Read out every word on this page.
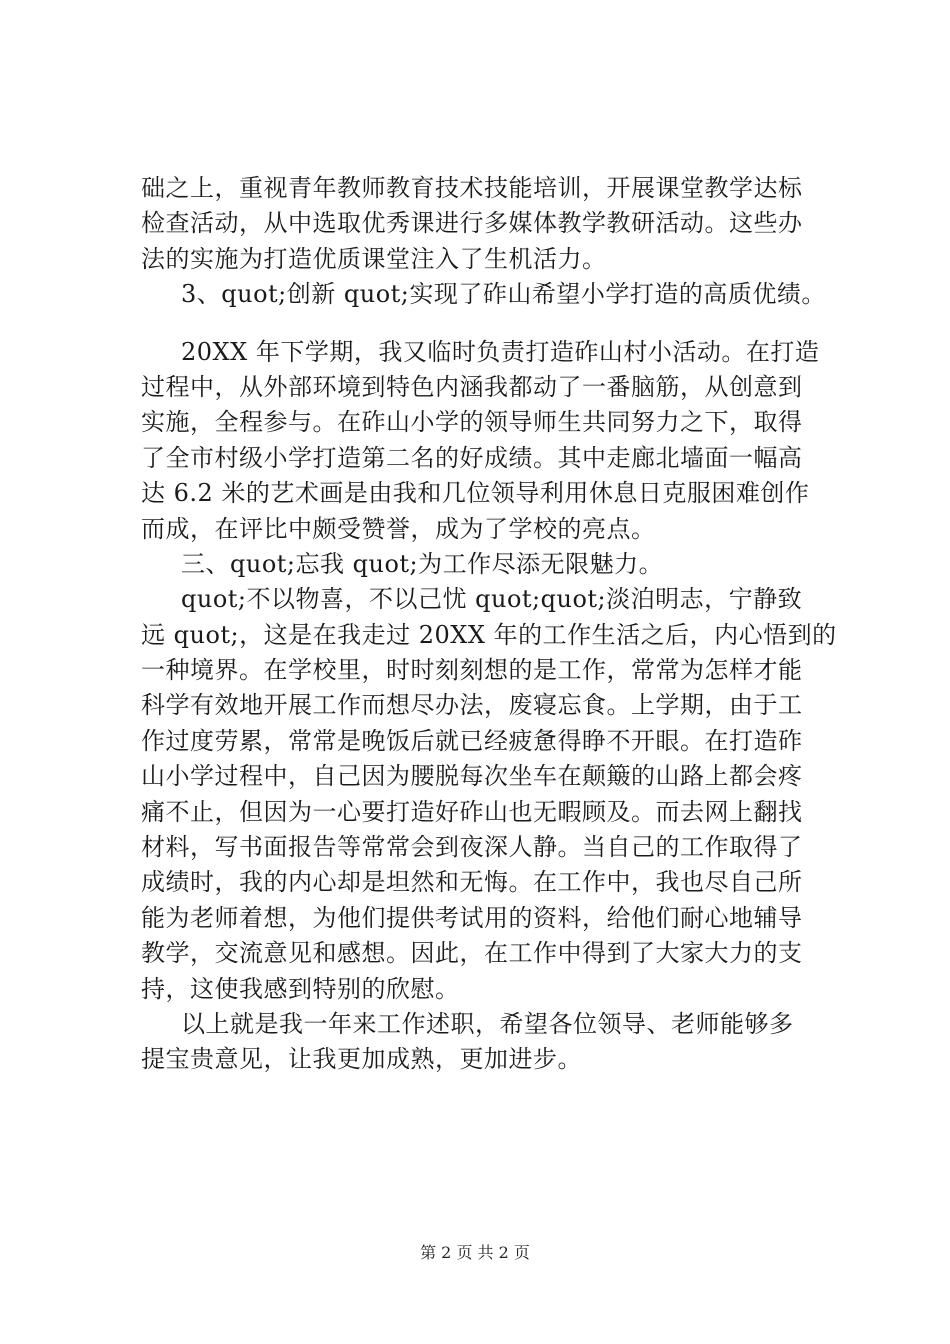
础之上，重视青年教师教育技术技能培训，开展课堂教学达标
检查活动，从中选取优秀课进行多媒体教学教研活动。这些办
法的实施为打造优质课堂注入了生机活力。
3、quot;创新 quot;实现了砟山希望小学打造的高质优绩。
20XX 年下学期，我又临时负责打造砟山村小活动。在打造
过程中，从外部环境到特色内涵我都动了一番脑筋，从创意到
实施，全程参与。在砟山小学的领导师生共同努力之下，取得
了全市村级小学打造第二名的好成绩。其中走廊北墙面一幅高
达 6.2 米的艺术画是由我和几位领导利用休息日克服困难创作
而成，在评比中颇受赞誉，成为了学校的亮点。
三、quot;忘我 quot;为工作尽添无限魅力。
quot;不以物喜，不以己忧 quot;quot;淡泊明志，宁静致
远 quot;，这是在我走过 20XX 年的工作生活之后，内心悟到的
一种境界。在学校里，时时刻刻想的是工作，常常为怎样才能
科学有效地开展工作而想尽办法，废寝忘食。上学期，由于工
作过度劳累，常常是晚饭后就已经疲惫得睁不开眼。在打造砟
山小学过程中，自己因为腰脱每次坐车在颠簸的山路上都会疼
痛不止，但因为一心要打造好砟山也无暇顾及。而去网上翻找
材料，写书面报告等常常会到夜深人静。当自己的工作取得了
成绩时，我的内心却是坦然和无悔。在工作中，我也尽自己所
能为老师着想，为他们提供考试用的资料，给他们耐心地辅导
教学，交流意见和感想。因此，在工作中得到了大家大力的支
持，这使我感到特别的欣慰。
以上就是我一年来工作述职，希望各位领导、老师能够多
提宝贵意见，让我更加成熟，更加进步。
第 2 页 共 2 页
